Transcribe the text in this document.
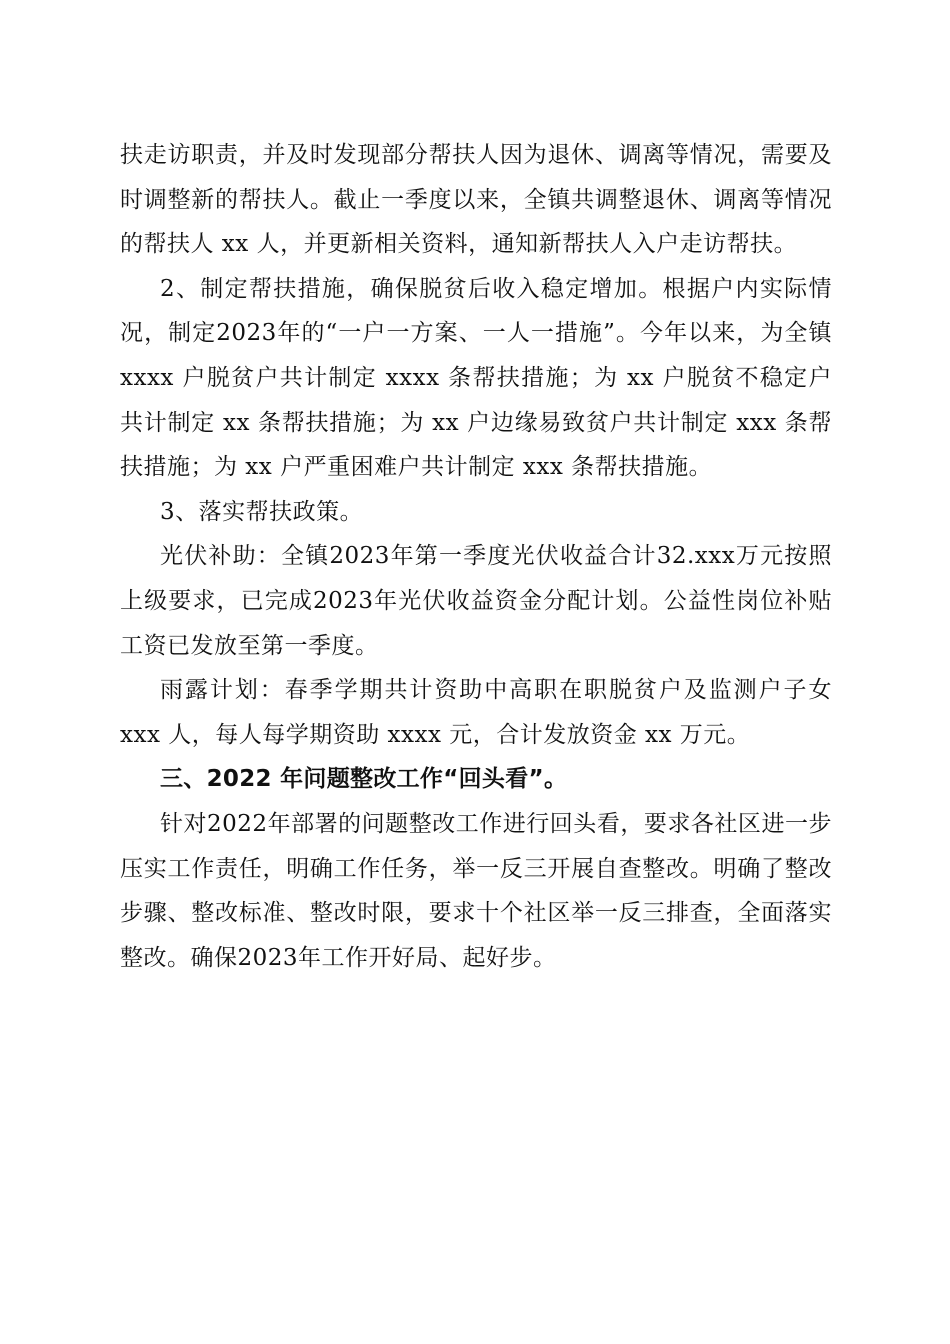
扶走访职责，并及时发现部分帮扶人因为退休、调离等情况，需要及时调整新的帮扶人。截止一季度以来，全镇共调整退休、调离等情况的帮扶人 xx 人，并更新相关资料，通知新帮扶人入户走访帮扶。

2、制定帮扶措施，确保脱贫后收入稳定增加。根据户内实际情况，制定2023年的“一户一方案、一人一措施”。今年以来，为全镇 xxxx 户脱贫户共计制定 xxxx 条帮扶措施；为 xx 户脱贫不稳定户共计制定 xx 条帮扶措施；为 xx 户边缘易致贫户共计制定 xxx 条帮扶措施；为 xx 户严重困难户共计制定 xxx 条帮扶措施。

3、落实帮扶政策。

光伏补助：全镇2023年第一季度光伏收益合计32.xxx万元按照上级要求，已完成2023年光伏收益资金分配计划。公益性岗位补贴工资已发放至第一季度。

雨露计划：春季学期共计资助中高职在职脱贫户及监测户子女 xxx 人，每人每学期资助 xxxx 元，合计发放资金 xx 万元。

三、2022 年问题整改工作“回头看”。

针对2022年部署的问题整改工作进行回头看，要求各社区进一步压实工作责任，明确工作任务，举一反三开展自查整改。明确了整改步骤、整改标准、整改时限，要求十个社区举一反三排查，全面落实整改。确保2023年工作开好局、起好步。
